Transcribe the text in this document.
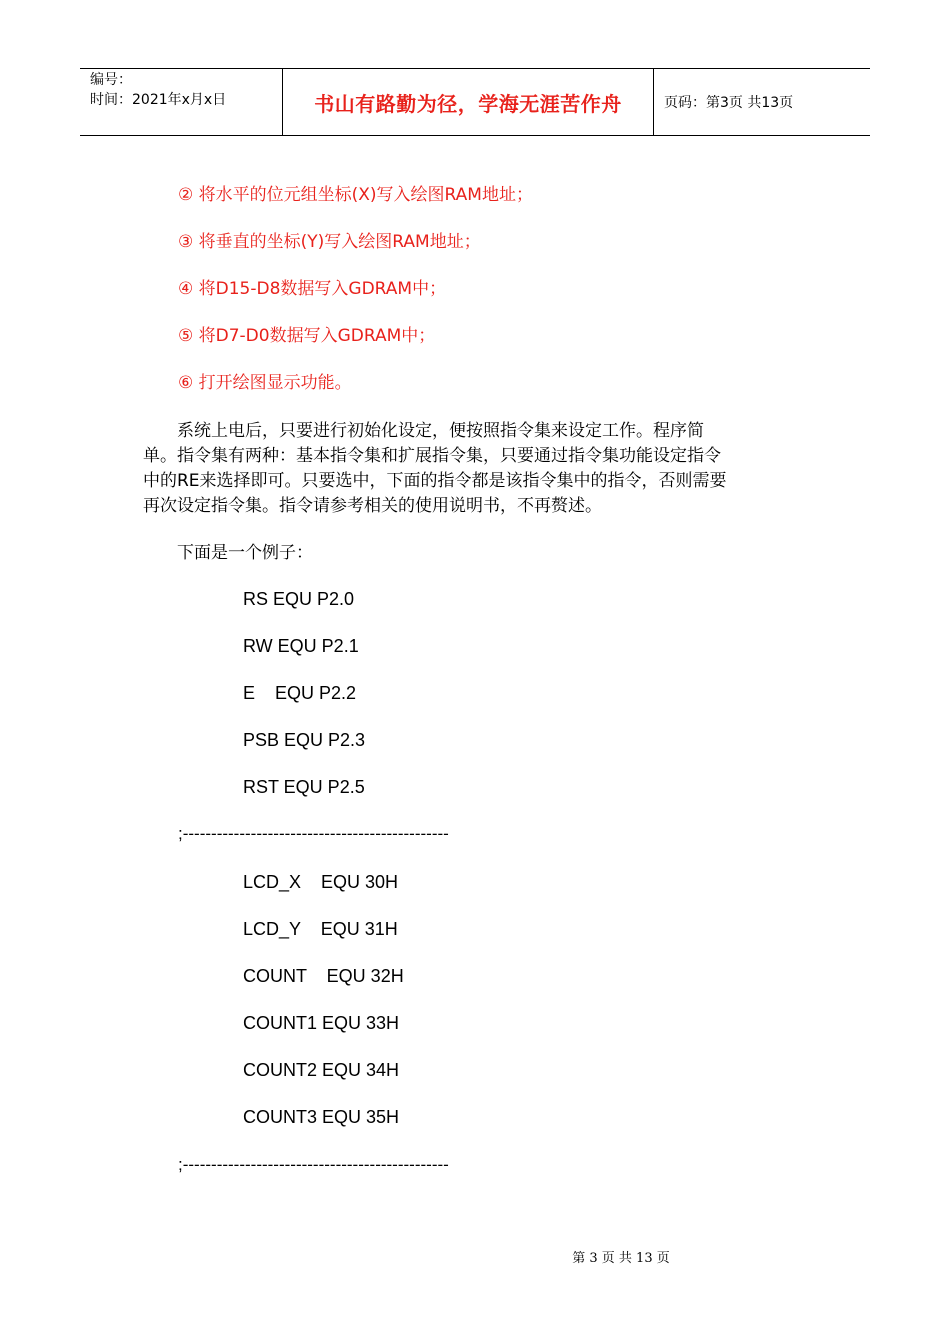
编号：
时间：2021年x月x日	书山有路勤为径，学海无涯苦作舟	页码：第3页 共13页
② 将水平的位元组坐标(X)写入绘图RAM地址；
③ 将垂直的坐标(Y)写入绘图RAM地址；
④ 将D15-D8数据写入GDRAM中；
⑤ 将D7-D0数据写入GDRAM中；
⑥ 打开绘图显示功能。
　　系统上电后，只要进行初始化设定，便按照指令集来设定工作。程序简
单。指令集有两种：基本指令集和扩展指令集，只要通过指令集功能设定指令
中的RE来选择即可。只要选中，下面的指令都是该指令集中的指令，否则需要
再次设定指令集。指令请参考相关的使用说明书，不再赘述。
　　下面是一个例子：
RS EQU P2.0
RW EQU P2.1
E    EQU P2.2
PSB EQU P2.3
RST EQU P2.5
;-----------------------------------------------
LCD_X    EQU 30H
LCD_Y    EQU 31H
COUNT    EQU 32H
COUNT1 EQU 33H
COUNT2 EQU 34H
COUNT3 EQU 35H
;-----------------------------------------------
第 3 页 共 13 页
